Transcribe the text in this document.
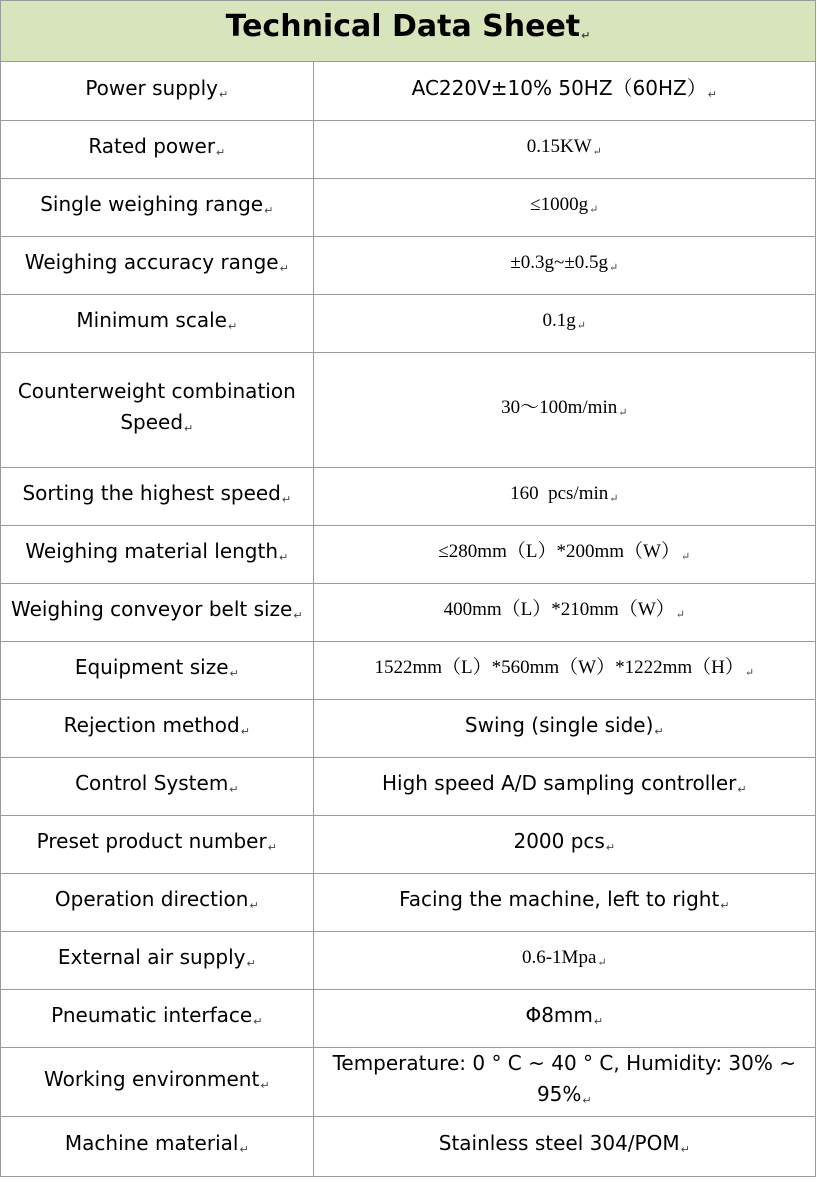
Technical Data Sheet↵	
Power supply↵	AC220V±10% 50HZ（60HZ）↵
Rated power↵	0.15KW↵
Single weighing range↵	≤1000g↵
Weighing accuracy range↵	±0.3g~±0.5g↵
Minimum scale↵	0.1g↵
Counterweight combination Speed↵	30～100m/min↵
Sorting the highest speed↵	160  pcs/min↵
Weighing material length↵	≤280mm（L）*200mm（W）↵
Weighing conveyor belt size↵	400mm（L）*210mm（W）↵
Equipment size↵	1522mm（L）*560mm（W）*1222mm（H）↵
Rejection method↵	Swing (single side)↵
Control System↵	High speed A/D sampling controller↵
Preset product number↵	2000 pcs↵
Operation direction↵	Facing the machine, left to right↵
External air supply↵	0.6-1Mpa↵
Pneumatic interface↵	Φ8mm↵
Working environment↵	Temperature: 0 ° C ~ 40 ° C, Humidity: 30% ~ 95%↵
Machine material↵	Stainless steel 304/POM↵
